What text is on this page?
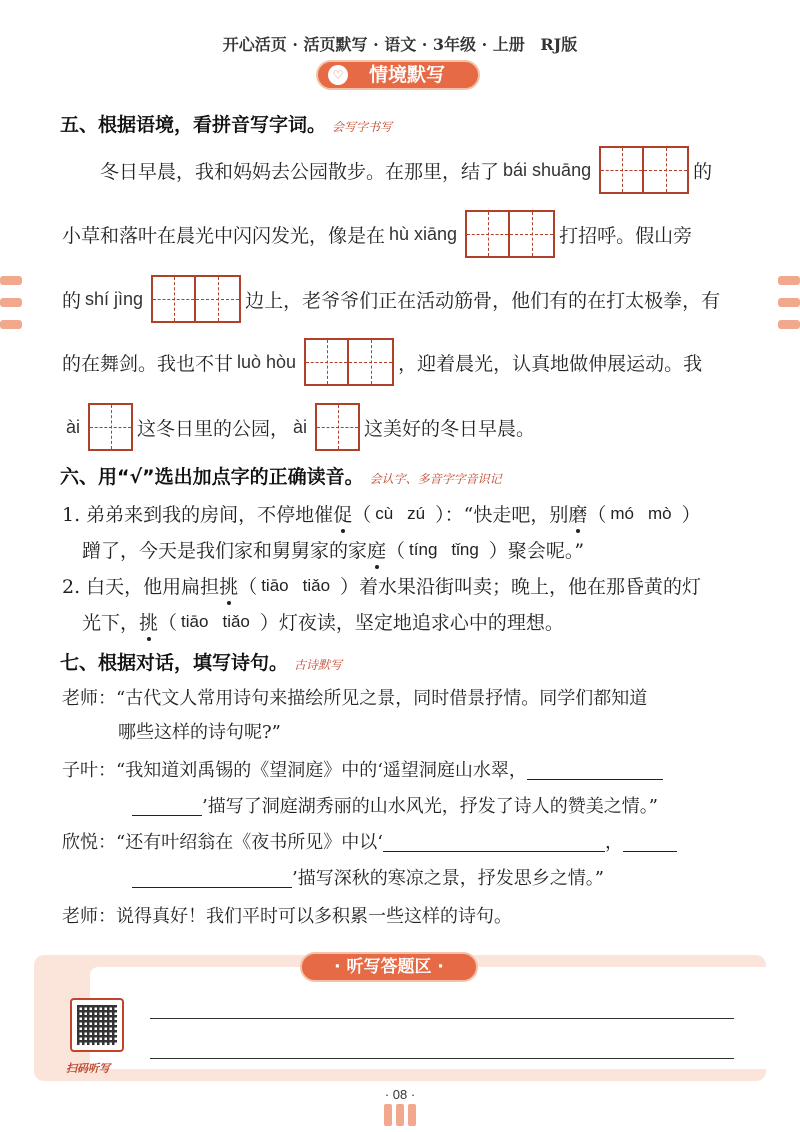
开心活页 · 活页默写 · 语文 · 3年级 · 上册 RJ版
♡ 情境默写
五、根据语境，看拼音写字词。 会写字书写
冬日早晨，我和妈妈去公园散步。在那里，结了 bái shuāng	的
小草和落叶在晨光中闪闪发光，像是在 hù xiāng	打招呼。假山旁
的 shí jìng	边上，老爷爷们正在活动筋骨，他们有的在打太极拳，有
的在舞剑。我也不甘 luò hòu	，迎着晨光，认真地做伸展运动。我
ài	这冬日里的公园， ài	这美好的冬日早晨。
六、用“√”选出加点字的正确读音。 会认字、多音字字音识记
1. 弟弟来到我的房间，不停地催 促 （ cù zú ）：“快走吧，别 磨 （ mó mò ）
蹭了，今天是我们家和舅舅家的家 庭 （ tíng tǐng ）聚会呢。”
2. 白天，他用扁担 挑 （ tiāo tiǎo ）着水果沿街叫卖；晚上，他在那昏黄的灯
光下， 挑 （ tiāo tiǎo ）灯夜读，坚定地追求心中的理想。
七、根据对话，填写诗句。 古诗默写
老师：“古代文人常用诗句来描绘所见之景，同时借景抒情。同学们都知道
哪些这样的诗句呢?”
子叶：“我知道刘禹锡的《望洞庭》中的‘遥望洞庭山水翠，
’描写了洞庭湖秀丽的山水风光，抒发了诗人的赞美之情。”
欣悦：“还有叶绍翁在《夜书所见》中以‘	，
’描写深秋的寒凉之景，抒发思乡之情。”
老师：说得真好！我们平时可以多积累一些这样的诗句。
· 听写答题区 ·
扫码听写
· 08 ·
